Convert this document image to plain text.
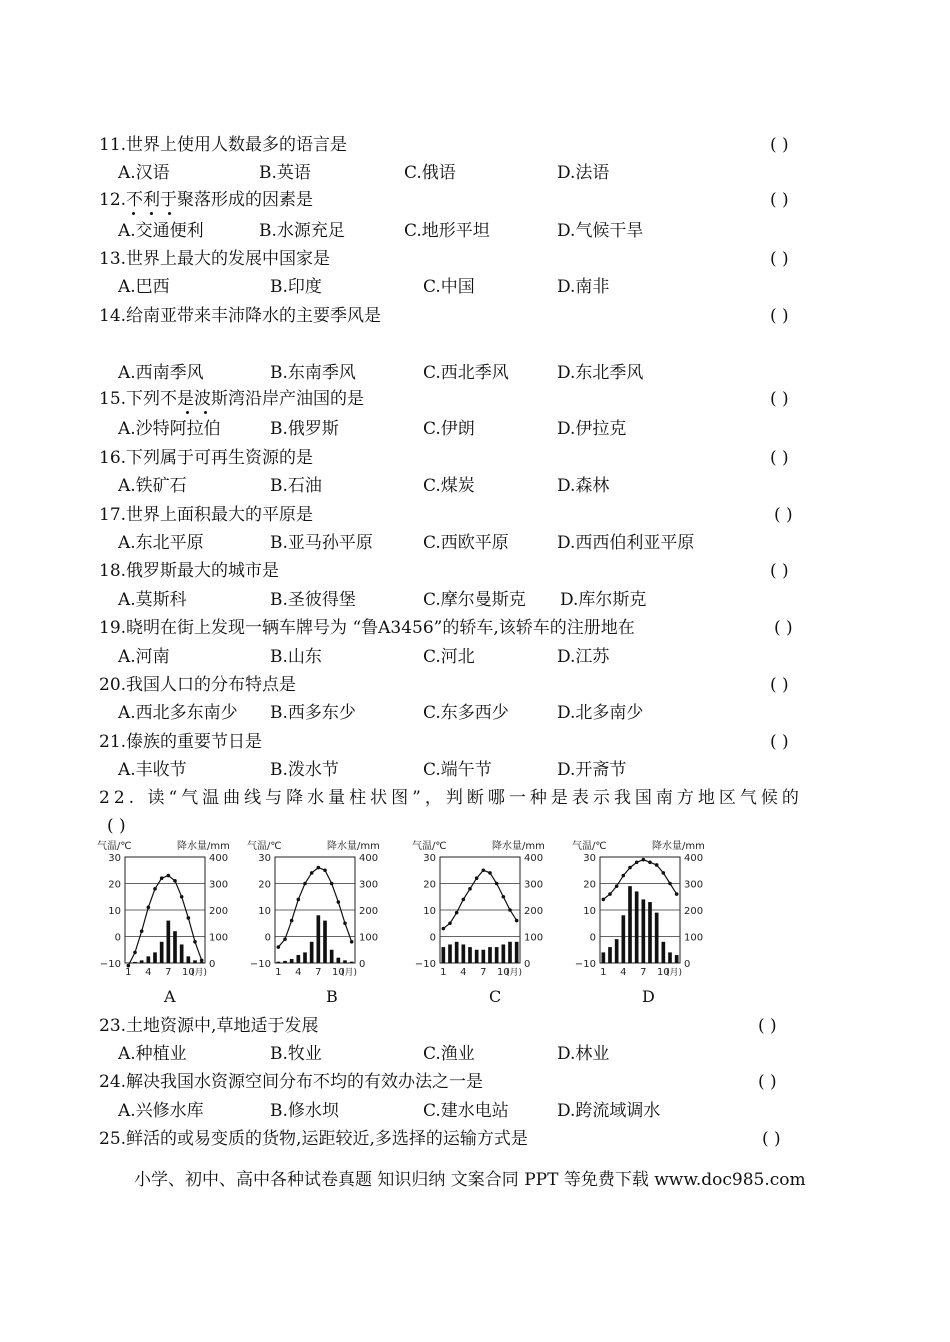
11.世界上使用人数最多的语言是	( )
A.汉语	B.英语	C.俄语	D.法语
12.不利于聚落形成的因素是	( )
A.交通便利	B.水源充足	C.地形平坦	D.气候干旱
13.世界上最大的发展中国家是	( )
A.巴西	B.印度	C.中国	D.南非
14.给南亚带来丰沛降水的主要季风是	( )
A.西南季风	B.东南季风	C.西北季风	D.东北季风
15.下列不是波斯湾沿岸产油国的是	( )
A.沙特阿拉伯	B.俄罗斯	C.伊朗	D.伊拉克
16.下列属于可再生资源的是	( )
A.铁矿石	B.石油	C.煤炭	D.森林
17.世界上面积最大的平原是	( )
A.东北平原	B.亚马孙平原	C.西欧平原	D.西西伯利亚平原
18.俄罗斯最大的城市是	( )
A.莫斯科	B.圣彼得堡	C.摩尔曼斯克 D.库尔斯克
19.晓明在街上发现一辆车牌号为 “鲁A3456”的轿车,该轿车的注册地在	( )
A.河南	B.山东	C.河北	D.江苏
20.我国人口的分布特点是	( )
A.西北多东南少 B.西多东少	C.东多西少	D.北多南少
21.傣族的重要节日是	( )
A.丰收节	B.泼水节	C.端午节	D.开斋节
22. 读“气温曲线与降水量柱状图”，判断哪一种是表示我国南方地区气候的
( )
气温/℃	降水量/mm
30
20
10
0
−10
400
300
200
100
0
1 4 7 10
(月)
气温/℃	降水量/mm
30
20
10
0
−10
400
300
200
100
0
1 4 7 10
(月)
气温/℃	降水量/mm
30
20
10
0
−10
400
300
200
100
0
1 4 7 10
(月)
气温/℃	降水量/mm
30
20
10
0
−10
400
300
200
100
0
1 4 7 10
(月)
A	B	C	D
23.土地资源中,草地适于发展	( )
A.种植业	B.牧业	C.渔业	D.林业
24.解决我国水资源空间分布不均的有效办法之一是	( )
A.兴修水库	B.修水坝	C.建水电站	D.跨流域调水
25.鲜活的或易变质的货物,运距较近,多选择的运输方式是	( )
小学、初中、高中各种试卷真题 知识归纳 文案合同 PPT 等免费下载 www.doc985.com
